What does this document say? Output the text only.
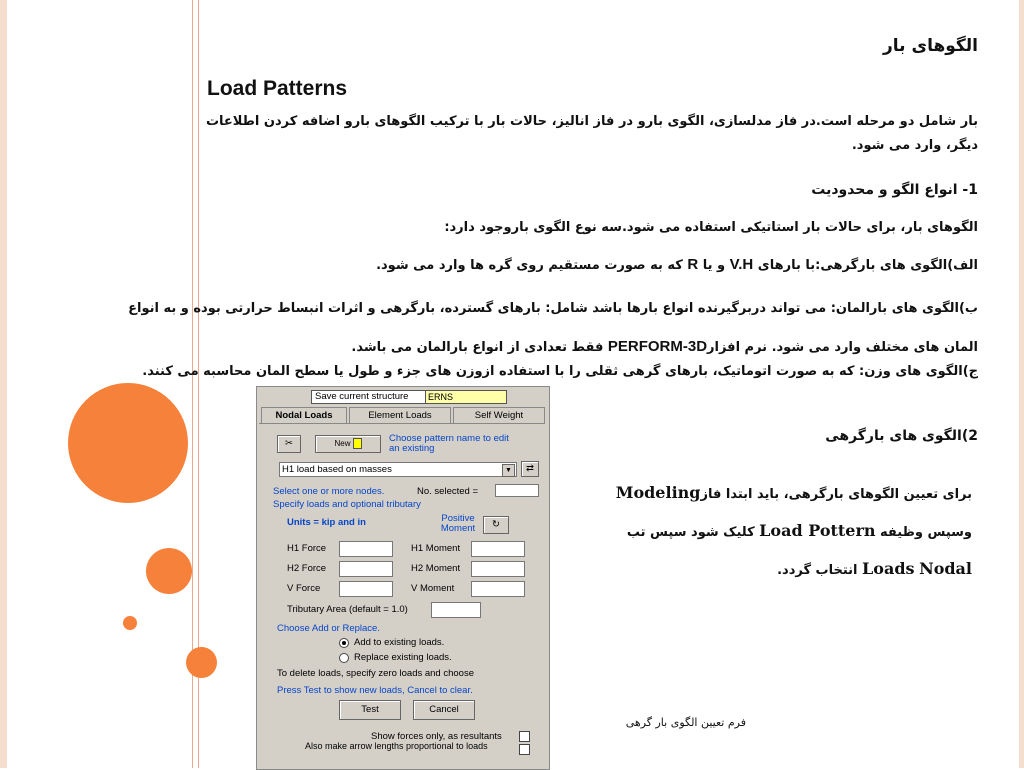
الگوهای بار
Load Patterns
بار شامل دو مرحله است.در فاز مدلسازی، الگوی بارو در فاز انالیز، حالات بار با ترکیب الگوهای بارو اضافه کردن اطلاعات دیگر، وارد می شود.
1- انواع الگو و محدودیت
الگوهای بار، برای حالات بار استاتیکی استفاده می شود.سه نوع الگوی باروجود دارد:
الف)الگوی های بارگرهی:با بارهای V.H و یا R که به صورت مستقیم روی گره ها وارد می شود.
ب)الگوی های بارالمان: می تواند دربرگیرنده انواع بارها باشد شامل: بارهای گسترده، بارگرهی و اثرات انبساط حرارتی بوده و به انواع المان های مختلف وارد می شود. نرم افزارPERFORM-3D فقط تعدادی از انواع بارالمان می باشد.
ج)الگوی های وزن: که به صورت اتوماتیک، بارهای گرهی ثقلی را با استفاده ازوزن های جزء و طول یا سطح المان محاسبه می کنند.
2)الگوی های بارگرهی
برای تعیین الگوهای بارگرهی، باید ابتدا فازModeling وسپس وظیفه Load Pottern کلیک شود سپس تب Nodal Loads انتخاب گردد.
فرم تعیین الگوی بار گرهی
Save current structure	ERNS
Nodal Loads	Element Loads	Self Weight
✂	New	Choose pattern name to edit an existing
H1 load based on masses	▼	⇄
Select one or more nodes.	No. selected =
Specify loads and optional tributary
Units = kip and in	Positive Moment	↻
H1 Force	H1 Moment
H2 Force	H2 Moment
V Force	V Moment
Tributary Area (default = 1.0)
Choose Add or Replace.
Add to existing loads.
Replace existing loads.
To delete loads, specify zero loads and choose
Press Test to show new loads, Cancel to clear.
Test	Cancel
Show forces only, as resultants
Also make arrow lengths proportional to loads
